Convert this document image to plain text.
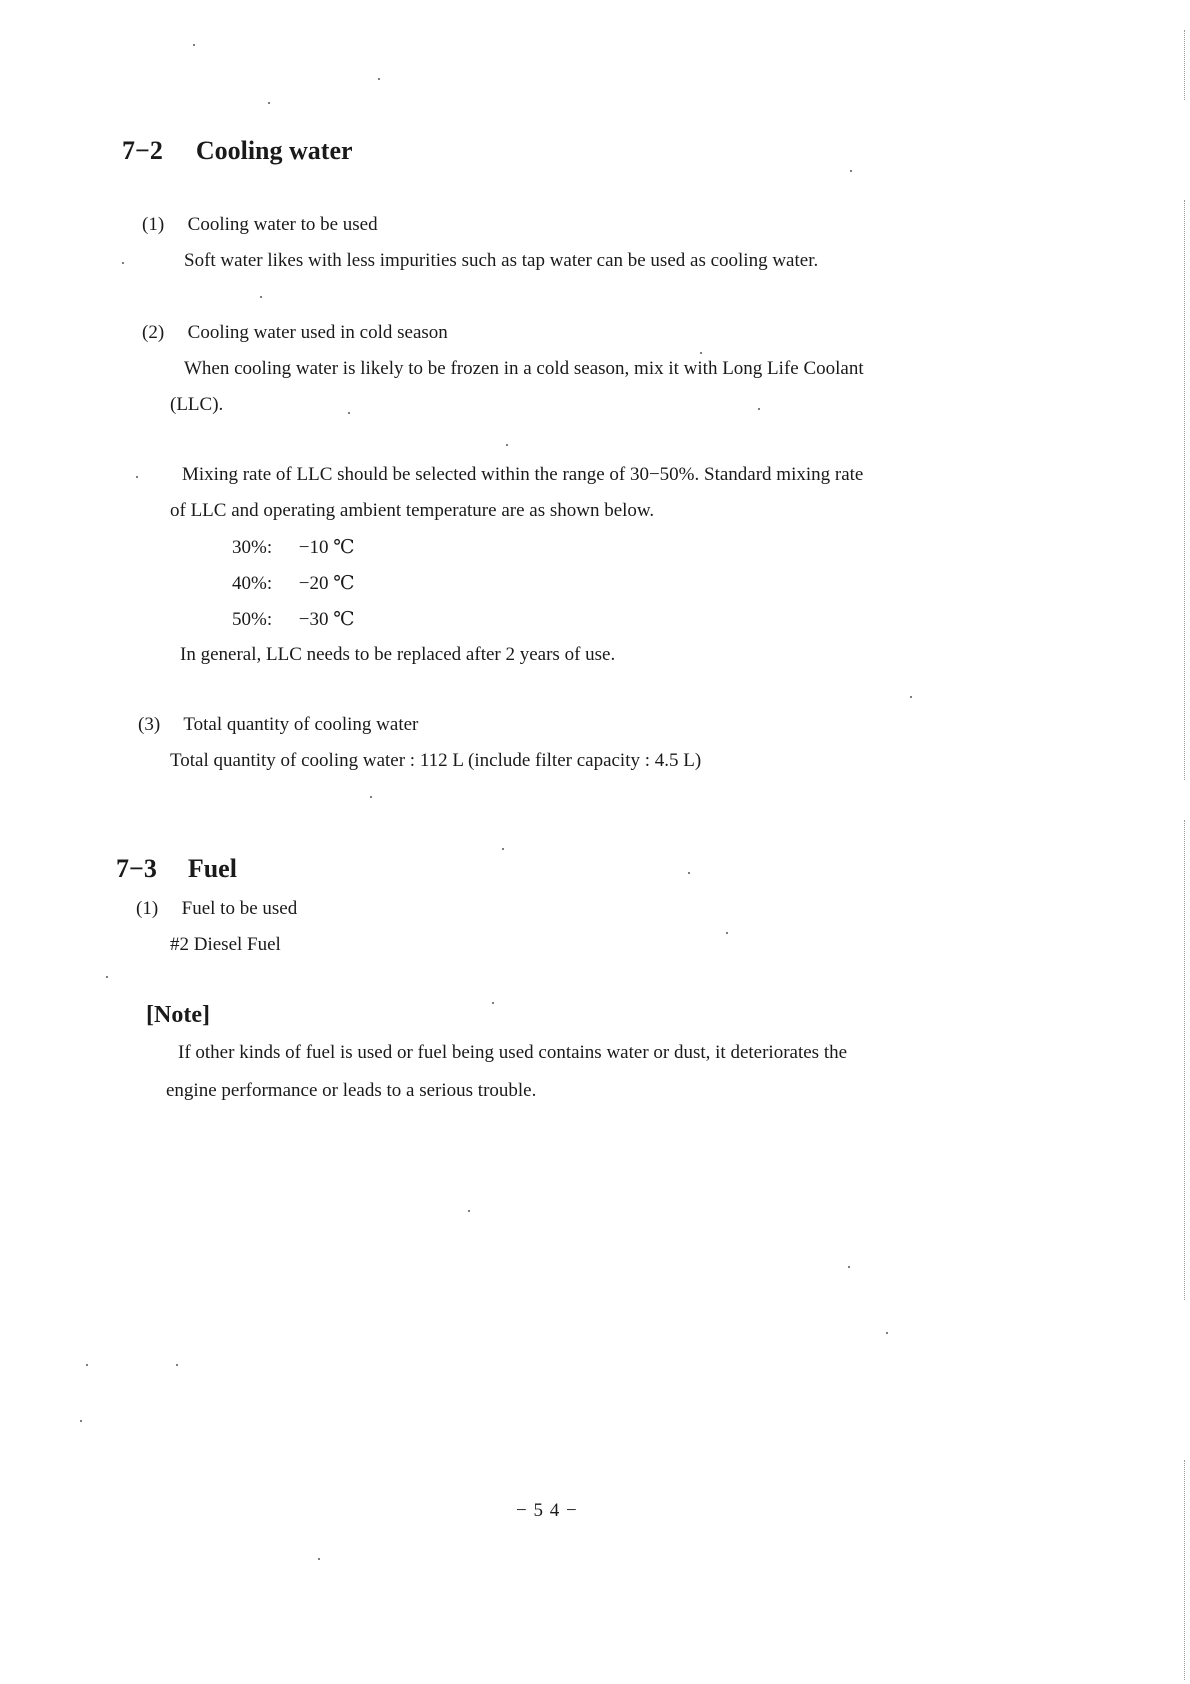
7−2 Cooling water
(1) Cooling water to be used
Soft water likes with less impurities such as tap water can be used as cooling water.
(2) Cooling water used in cold season
When cooling water is likely to be frozen in a cold season, mix it with Long Life Coolant
(LLC).
Mixing rate of LLC should be selected within the range of 30−50%. Standard mixing rate
of LLC and operating ambient temperature are as shown below.
30%: −10 ℃
40%: −20 ℃
50%: −30 ℃
In general, LLC needs to be replaced after 2 years of use.
(3) Total quantity of cooling water
Total quantity of cooling water : 112 L (include filter capacity : 4.5 L)
7−3 Fuel
(1) Fuel to be used
#2 Diesel Fuel
[Note]
If other kinds of fuel is used or fuel being used contains water or dust, it deteriorates the
engine performance or leads to a serious trouble.
− 5 4 −
